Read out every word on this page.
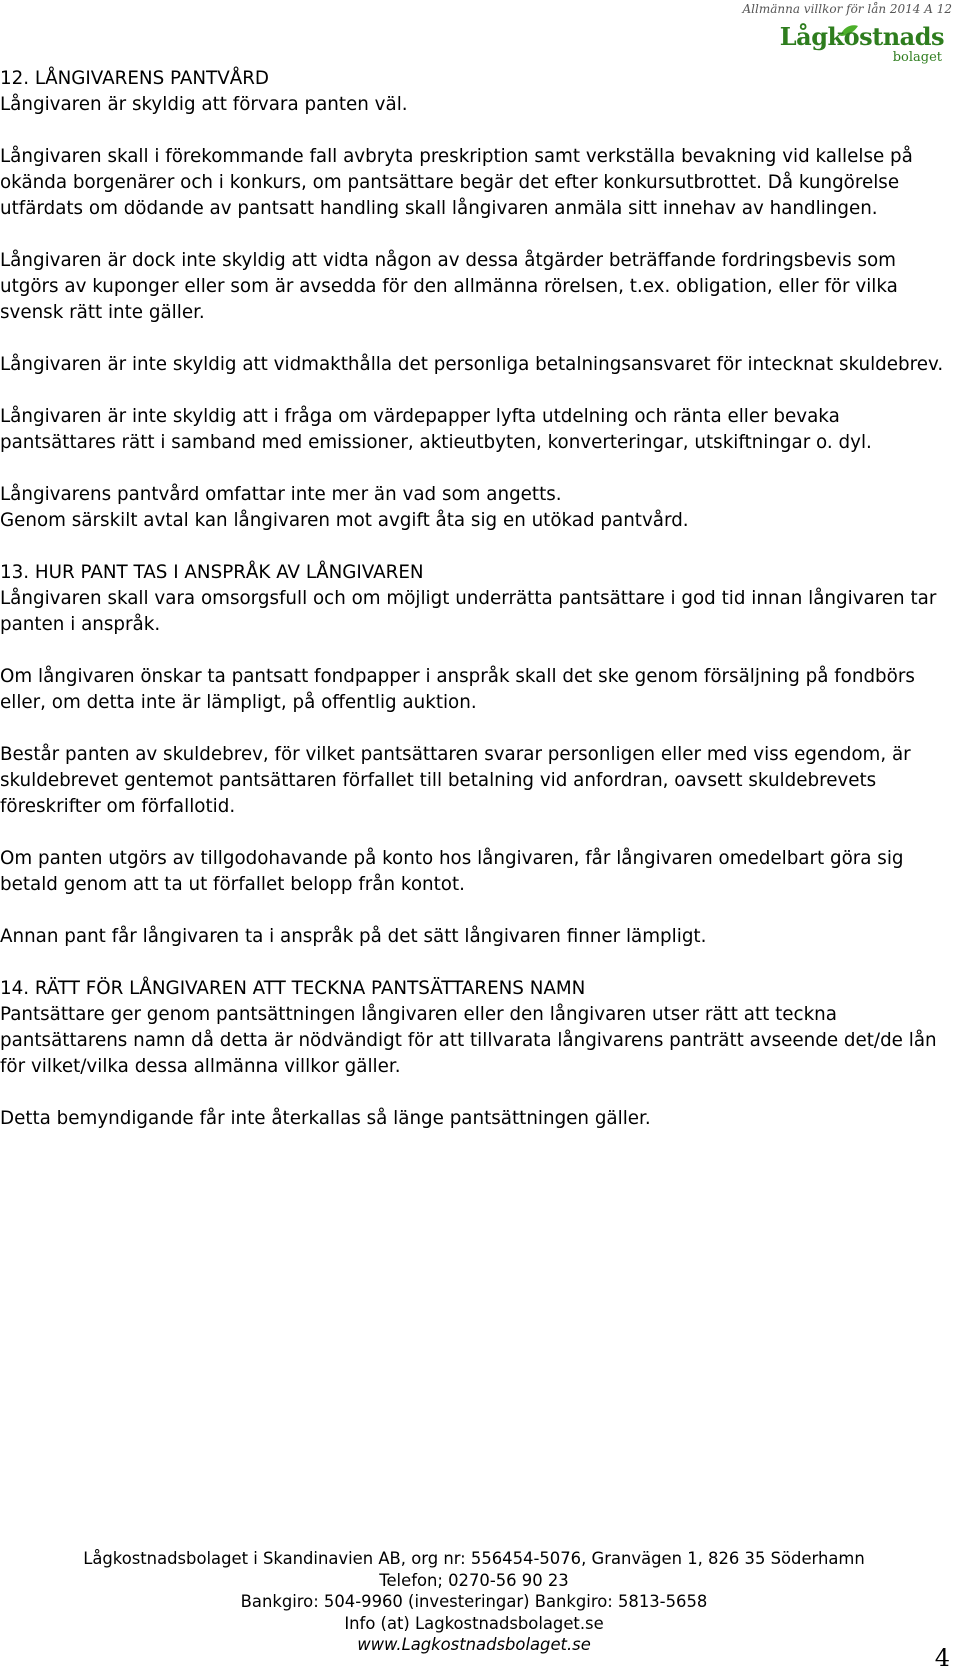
Allmänna villkor för lån 2014 A 12
Lågkostnads
bolaget
12. LÅNGIVARENS PANTVÅRD

Långivaren är skyldig att förvara panten väl.

Långivaren skall i förekommande fall avbryta preskription samt verkställa bevakning vid kallelse på okända borgenärer och i konkurs, om pantsättare begär det efter konkursutbrottet. Då kungörelse utfärdats om dödande av pantsatt handling skall långivaren anmäla sitt innehav av handlingen.

Långivaren är dock inte skyldig att vidta någon av dessa åtgärder beträffande fordringsbevis som utgörs av kuponger eller som är avsedda för den allmänna rörelsen, t.ex. obligation, eller för vilka svensk rätt inte gäller.

Långivaren är inte skyldig att vidmakthålla det personliga betalningsansvaret för intecknat skuldebrev.

Långivaren är inte skyldig att i fråga om värdepapper lyfta utdelning och ränta eller bevaka pantsättares rätt i samband med emissioner, aktieutbyten, konverteringar, utskiftningar o. dyl.

Långivarens pantvård omfattar inte mer än vad som angetts.

Genom särskilt avtal kan långivaren mot avgift åta sig en utökad pantvård.

13. HUR PANT TAS I ANSPRÅK AV LÅNGIVAREN

Långivaren skall vara omsorgsfull och om möjligt underrätta pantsättare i god tid innan långivaren tar panten i anspråk.

Om långivaren önskar ta pantsatt fondpapper i anspråk skall det ske genom försäljning på fondbörs eller, om detta inte är lämpligt, på offentlig auktion.

Består panten av skuldebrev, för vilket pantsättaren svarar personligen eller med viss egendom, är skuldebrevet gentemot pantsättaren förfallet till betalning vid anfordran, oavsett skuldebrevets föreskrifter om förfallotid.

Om panten utgörs av tillgodohavande på konto hos långivaren, får långivaren omedelbart göra sig betald genom att ta ut förfallet belopp från kontot.

Annan pant får långivaren ta i anspråk på det sätt långivaren finner lämpligt.

14. RÄTT FÖR LÅNGIVAREN ATT TECKNA PANTSÄTTARENS NAMN

Pantsättare ger genom pantsättningen långivaren eller den långivaren utser rätt att teckna pantsättarens namn då detta är nödvändigt för att tillvarata långivarens panträtt avseende det/de lån för vilket/vilka dessa allmänna villkor gäller.

Detta bemyndigande får inte återkallas så länge pantsättningen gäller.

Lågkostnadsbolaget i Skandinavien AB, org nr: 556454-5076, Granvägen 1, 826 35 Söderhamn
Telefon; 0270-56 90 23
Bankgiro: 504-9960 (investeringar) Bankgiro: 5813-5658
Info (at) Lagkostnadsbolaget.se
www.Lagkostnadsbolaget.se	4
